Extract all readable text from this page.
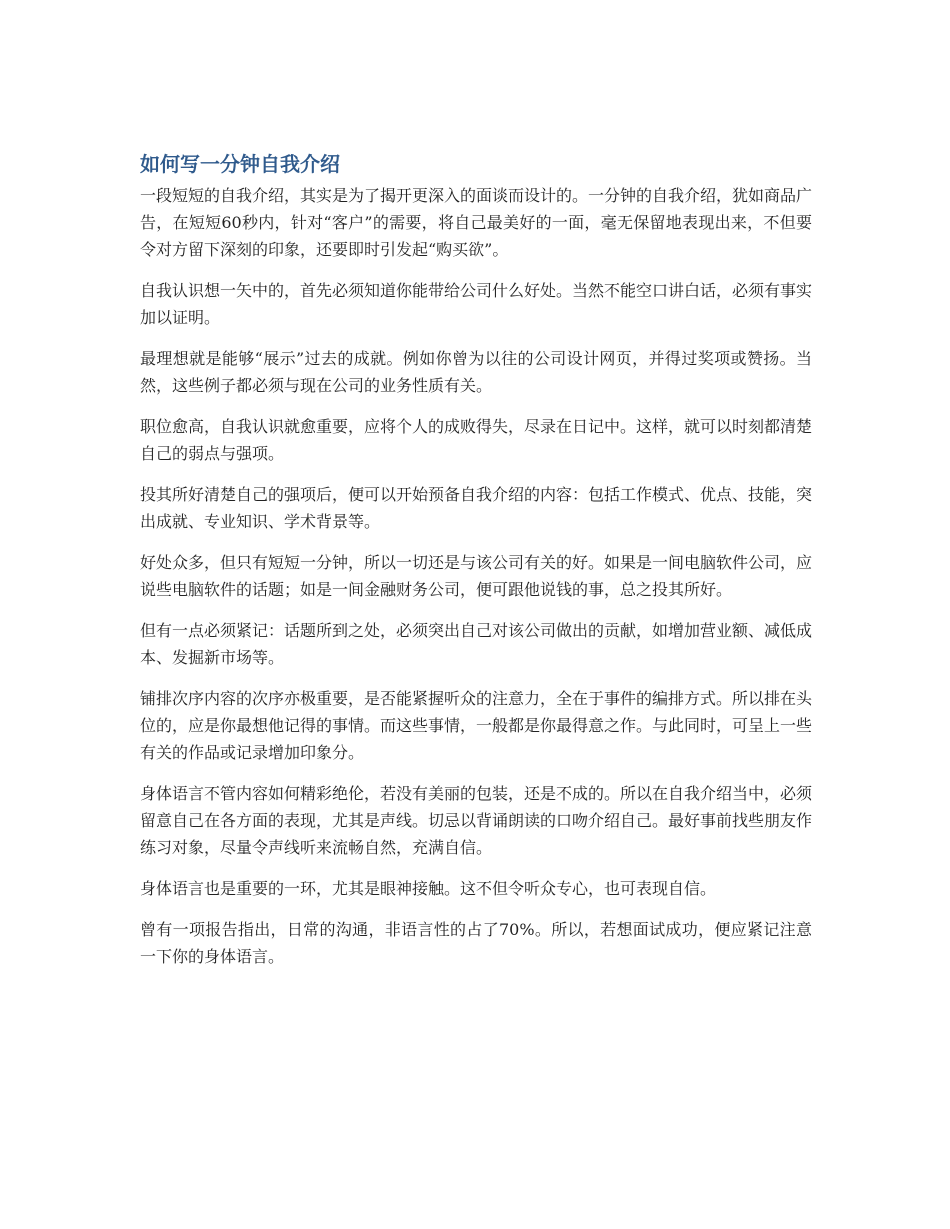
如何写一分钟自我介绍

一段短短的自我介绍，其实是为了揭开更深入的面谈而设计的。一分钟的自我介绍，犹如商品广告，在短短60秒内，针对“客户”的需要，将自己最美好的一面，毫无保留地表现出来，不但要令对方留下深刻的印象，还要即时引发起“购买欲”。

自我认识想一矢中的，首先必须知道你能带给公司什么好处。当然不能空口讲白话，必须有事实加以证明。

最理想就是能够“展示”过去的成就。例如你曾为以往的公司设计网页，并得过奖项或赞扬。当然，这些例子都必须与现在公司的业务性质有关。

职位愈高，自我认识就愈重要，应将个人的成败得失，尽录在日记中。这样，就可以时刻都清楚自己的弱点与强项。

投其所好清楚自己的强项后，便可以开始预备自我介绍的内容：包括工作模式、优点、技能，突出成就、专业知识、学术背景等。

好处众多，但只有短短一分钟，所以一切还是与该公司有关的好。如果是一间电脑软件公司，应说些电脑软件的话题；如是一间金融财务公司，便可跟他说钱的事，总之投其所好。

但有一点必须紧记：话题所到之处，必须突出自己对该公司做出的贡献，如增加营业额、减低成本、发掘新市场等。

铺排次序内容的次序亦极重要，是否能紧握听众的注意力，全在于事件的编排方式。所以排在头位的，应是你最想他记得的事情。而这些事情，一般都是你最得意之作。与此同时，可呈上一些有关的作品或记录增加印象分。

身体语言不管内容如何精彩绝伦，若没有美丽的包装，还是不成的。所以在自我介绍当中，必须留意自己在各方面的表现，尤其是声线。切忌以背诵朗读的口吻介绍自己。最好事前找些朋友作练习对象，尽量令声线听来流畅自然，充满自信。

身体语言也是重要的一环，尤其是眼神接触。这不但令听众专心，也可表现自信。

曾有一项报告指出，日常的沟通，非语言性的占了70%。所以，若想面试成功，便应紧记注意一下你的身体语言。
